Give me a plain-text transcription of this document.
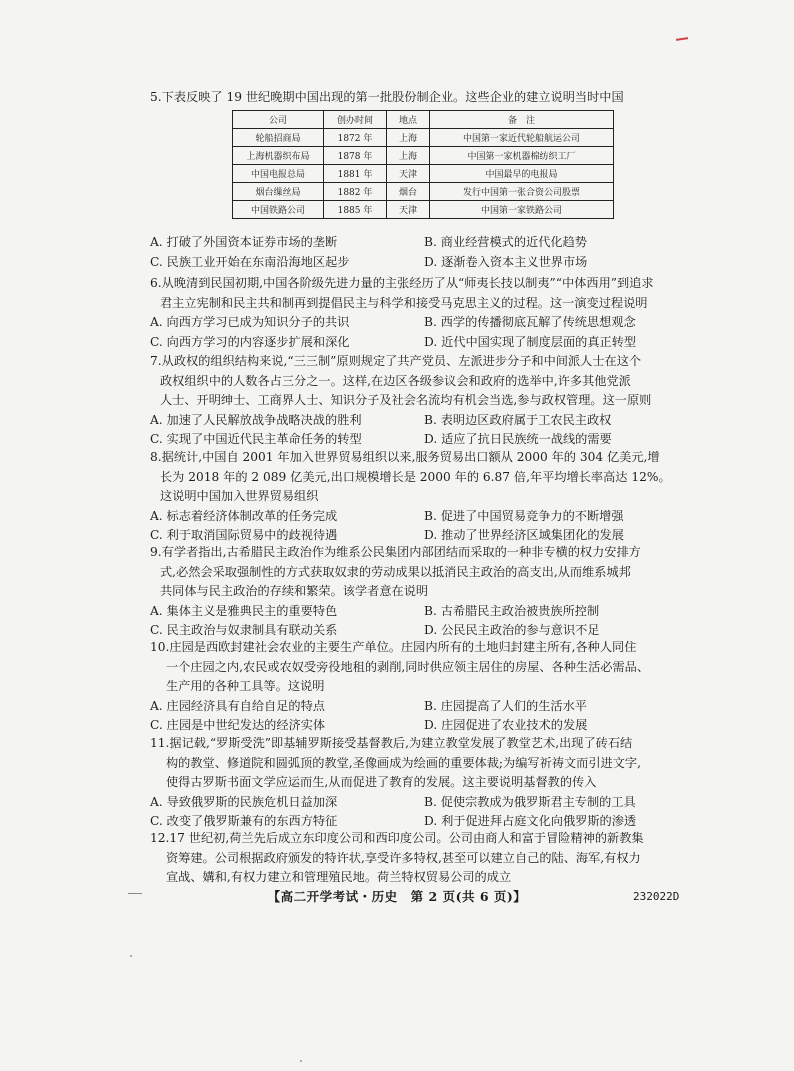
5.下表反映了 19 世纪晚期中国出现的第一批股份制企业。这些企业的建立说明当时中国

公司	创办时间	地点	备　注
轮船招商局	1872 年	上海	中国第一家近代轮船航运公司
上海机器织布局	1878 年	上海	中国第一家机器棉纺织工厂
中国电报总局	1881 年	天津	中国最早的电报局
烟台缫丝局	1882 年	烟台	发行中国第一张合资公司股票
中国铁路公司	1885 年	天津	中国第一家铁路公司
A. 打破了外国资本证券市场的垄断	B. 商业经营模式的近代化趋势
C. 民族工业开始在东南沿海地区起步	D. 逐渐卷入资本主义世界市场
6.从晚清到民国初期,中国各阶级先进力量的主张经历了从“师夷长技以制夷”“中体西用”到追求
君主立宪制和民主共和制再到提倡民主与科学和接受马克思主义的过程。这一演变过程说明
A. 向西方学习已成为知识分子的共识	B. 西学的传播彻底瓦解了传统思想观念
C. 向西方学习的内容逐步扩展和深化	D. 近代中国实现了制度层面的真正转型
7.从政权的组织结构来说,“三三制”原则规定了共产党员、左派进步分子和中间派人士在这个
政权组织中的人数各占三分之一。这样,在边区各级参议会和政府的选举中,许多其他党派
人士、开明绅士、工商界人士、知识分子及社会名流均有机会当选,参与政权管理。这一原则
A. 加速了人民解放战争战略决战的胜利	B. 表明边区政府属于工农民主政权
C. 实现了中国近代民主革命任务的转型	D. 适应了抗日民族统一战线的需要
8.据统计,中国自 2001 年加入世界贸易组织以来,服务贸易出口额从 2000 年的 304 亿美元,增
长为 2018 年的 2 089 亿美元,出口规模增长是 2000 年的 6.87 倍,年平均增长率高达 12%。
这说明中国加入世界贸易组织
A. 标志着经济体制改革的任务完成	B. 促进了中国贸易竞争力的不断增强
C. 利于取消国际贸易中的歧视待遇	D. 推动了世界经济区域集团化的发展
9.有学者指出,古希腊民主政治作为维系公民集团内部团结而采取的一种非专横的权力安排方
式,必然会采取强制性的方式获取奴隶的劳动成果以抵消民主政治的高支出,从而维系城邦
共同体与民主政治的存续和繁荣。该学者意在说明
A. 集体主义是雅典民主的重要特色	B. 古希腊民主政治被贵族所控制
C. 民主政治与奴隶制具有联动关系	D. 公民民主政治的参与意识不足
10.庄园是西欧封建社会农业的主要生产单位。庄园内所有的土地归封建主所有,各种人同住
一个庄园之内,农民或农奴受旁役地租的剥削,同时供应领主居住的房屋、各种生活必需品、
生产用的各种工具等。这说明
A. 庄园经济具有自给自足的特点	B. 庄园提高了人们的生活水平
C. 庄园是中世纪发达的经济实体	D. 庄园促进了农业技术的发展
11.据记载,“罗斯受洗”即基辅罗斯接受基督教后,为建立教堂发展了教堂艺术,出现了砖石结
构的教堂、修道院和圆弧顶的教堂,圣像画成为绘画的重要体裁;为编写祈祷文而引进文字,
使得古罗斯书面文学应运而生,从而促进了教育的发展。这主要说明基督教的传入
A. 导致俄罗斯的民族危机日益加深	B. 促使宗教成为俄罗斯君主专制的工具
C. 改变了俄罗斯兼有的东西方特征	D. 利于促进拜占庭文化向俄罗斯的渗透
12.17 世纪初,荷兰先后成立东印度公司和西印度公司。公司由商人和富于冒险精神的新教集
资筹建。公司根据政府颁发的特许状,享受许多特权,甚至可以建立自己的陆、海军,有权力
宣战、媾和,有权力建立和管理殖民地。荷兰特权贸易公司的成立
【高二开学考试・历史　第 2 页(共 6 页)】	232022D
